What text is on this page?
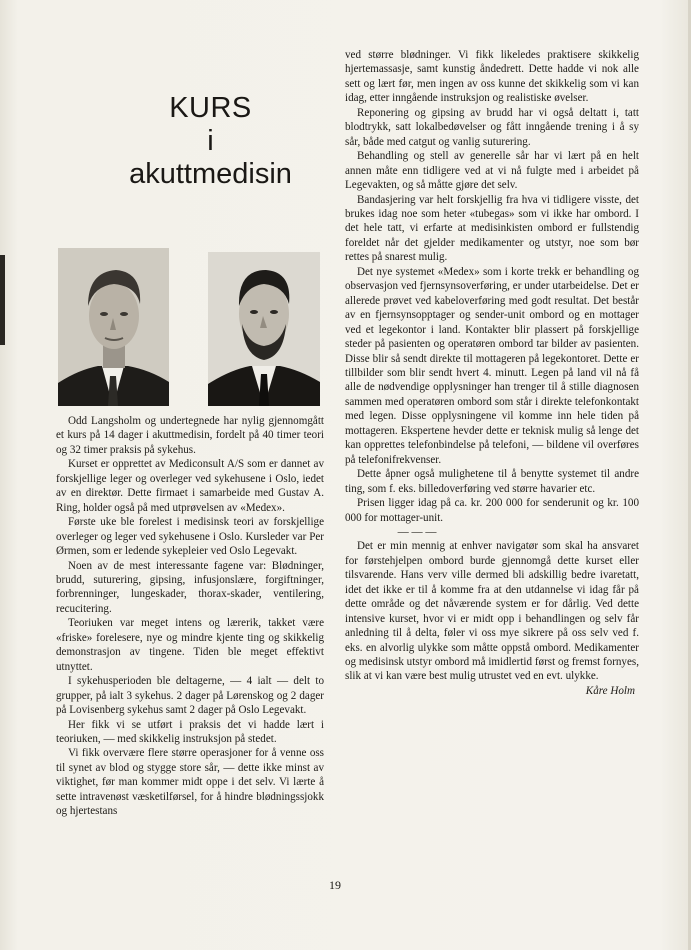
KURS
i
akuttmedisin

Odd Langsholm og undertegnede har nylig gjennomgått et kurs på 14 dager i akuttmedisin, fordelt på 40 timer teori og 32 timer praksis på sykehus.

Kurset er opprettet av Mediconsult A/S som er dannet av forskjellige leger og overleger ved sykehusene i Oslo, iedet av en direktør. Dette firmaet i samarbeide med Gustav A. Ring, holder også på med utprøvelsen av «Medex».

Første uke ble forelest i medisinsk teori av forskjellige overleger og leger ved sykehusene i Oslo. Kursleder var Per Ørmen, som er ledende sykepleier ved Oslo Legevakt.

Noen av de mest interessante fagene var: Blødninger, brudd, suturering, gipsing, infusjonslære, forgiftninger, forbrenninger, lungeskader, thorax-skader, ventilering, recucitering.

Teoriuken var meget intens og lærerik, takket være «friske» forelesere, nye og mindre kjente ting og skikkelig demonstrasjon av tingene. Tiden ble meget effektivt utnyttet.

I sykehusperioden ble deltagerne, — 4 ialt — delt to grupper, på ialt 3 sykehus. 2 dager på Lørenskog og 2 dager på Lovisenberg sykehus samt 2 dager på Oslo Legevakt.

Her fikk vi se utført i praksis det vi hadde lært i teoriuken, — med skikkelig instruksjon på stedet.

Vi fikk overvære flere større operasjoner for å venne oss til synet av blod og stygge store sår, — dette ikke minst av viktighet, før man kommer midt oppe i det selv. Vi lærte å sette intravenøst væsketilførsel, for å hindre blødningssjokk og hjertestans

ved større blødninger. Vi fikk likeledes praktisere skikkelig hjertemassasje, samt kunstig åndedrett. Dette hadde vi nok alle sett og lært før, men ingen av oss kunne det skikkelig som vi kan idag, etter inngående instruksjon og realistiske øvelser.

Reponering og gipsing av brudd har vi også deltatt i, tatt blodtrykk, satt lokalbedøvelser og fått inngående trening i å sy sår, både med catgut og vanlig suturering.

Behandling og stell av generelle sår har vi lært på en helt annen måte enn tidligere ved at vi nå fulgte med i arbeidet på Legevakten, og så måtte gjøre det selv.

Bandasjering var helt forskjellig fra hva vi tidligere visste, det brukes idag noe som heter «tubegas» som vi ikke har ombord. I det hele tatt, vi erfarte at medisinkisten ombord er fullstendig foreldet når det gjelder medikamenter og utstyr, noe som bør rettes på snarest mulig.

Det nye systemet «Medex» som i korte trekk er behandling og observasjon ved fjernsynsoverføring, er under utarbeidelse. Det er allerede prøvet ved kabeloverføring med godt resultat. Det består av en fjernsynsopptager og sender-unit ombord og en mottager ved et legekontor i land. Kontakter blir plassert på forskjellige steder på pasienten og operatøren ombord tar bilder av pasienten. Disse blir så sendt direkte til mottageren på legekontoret. Dette er tillbilder som blir sendt hvert 4. minutt. Legen på land vil nå få alle de nødvendige opplysninger han trenger til å stille diagnosen sammen med operatøren ombord som står i direkte telefonkontakt med legen. Disse opplysningene vil komme inn hele tiden på mottageren. Ekspertene hevder dette er teknisk mulig så lenge det kan opprettes telefonbindelse på telefoni, — bildene vil overføres på telefonifrekvenser.

Dette åpner også mulighetene til å benytte systemet til andre ting, som f. eks. billedoverføring ved større havarier etc.

Prisen ligger idag på ca. kr. 200 000 for senderunit og kr. 100 000 for mottager-unit.

— — —

Det er min mennig at enhver navigatør som skal ha ansvaret for førstehjelpen ombord burde gjennomgå dette kurset eller tilsvarende. Hans verv ville dermed bli adskillig bedre ivaretatt, idet det ikke er til å komme fra at den utdannelse vi idag får på dette område og det nåværende system er for dårlig. Ved dette intensive kurset, hvor vi er midt opp i behandlingen og selv får anledning til å delta, føler vi oss mye sikrere på oss selv ved f. eks. en alvorlig ulykke som måtte oppstå ombord. Medikamenter og medisinsk utstyr ombord må imidlertid først og fremst fornyes, slik at vi kan være best mulig utrustet ved en evt. ulykke.

Kåre Holm

19
